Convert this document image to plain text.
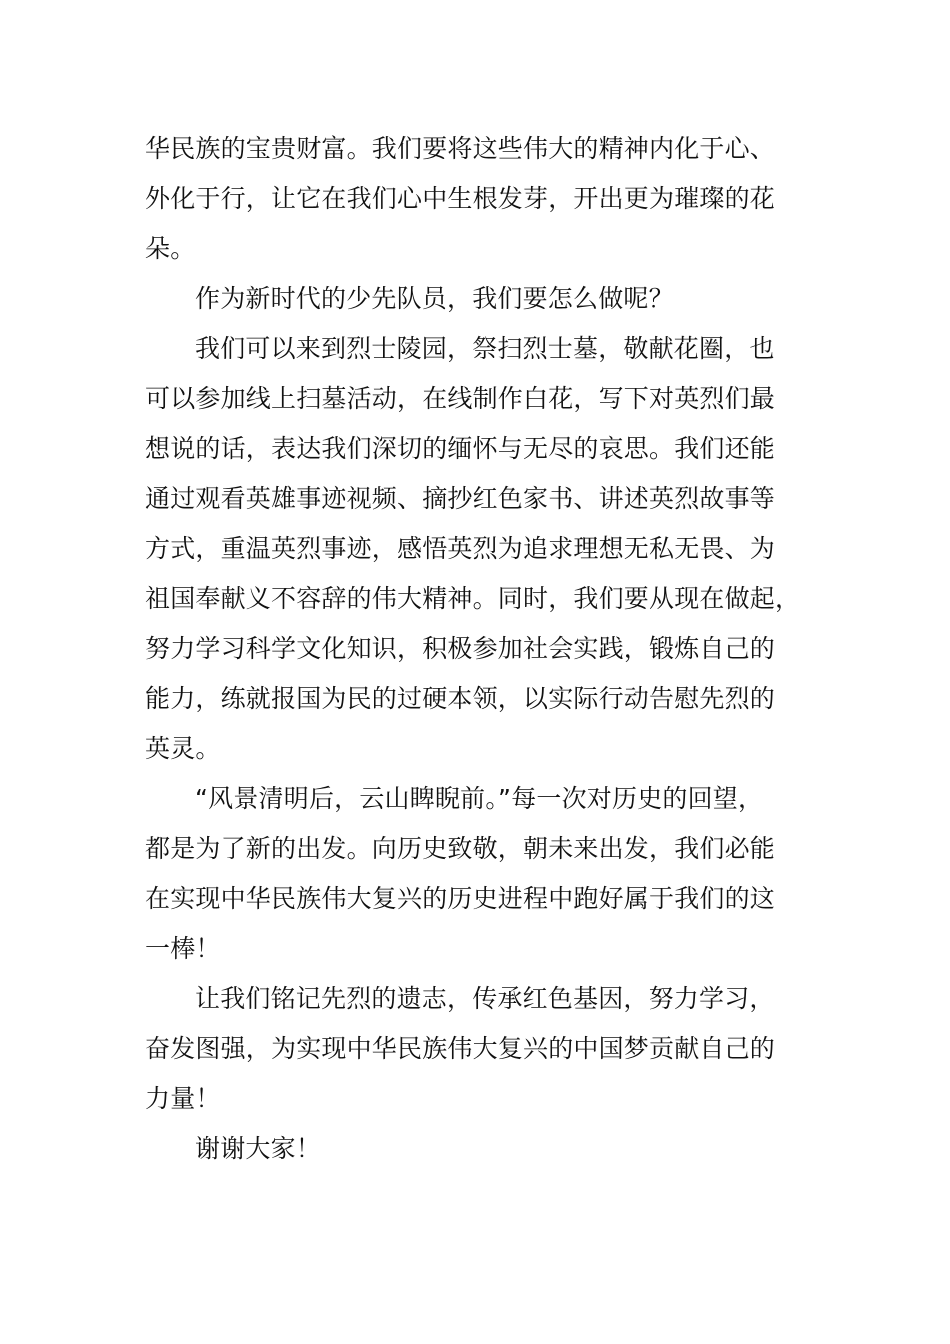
华民族的宝贵财富。我们要将这些伟大的精神内化于心、
外化于行，让它在我们心中生根发芽，开出更为璀璨的花
朵。
作为新时代的少先队员，我们要怎么做呢？
我们可以来到烈士陵园，祭扫烈士墓，敬献花圈，也
可以参加线上扫墓活动，在线制作白花，写下对英烈们最
想说的话，表达我们深切的缅怀与无尽的哀思。我们还能
通过观看英雄事迹视频、摘抄红色家书、讲述英烈故事等
方式，重温英烈事迹，感悟英烈为追求理想无私无畏、为
祖国奉献义不容辞的伟大精神。同时，我们要从现在做起，
努力学习科学文化知识，积极参加社会实践，锻炼自己的
能力，练就报国为民的过硬本领，以实际行动告慰先烈的
英灵。
“风景清明后，云山睥睨前。”每一次对历史的回望，
都是为了新的出发。向历史致敬，朝未来出发，我们必能
在实现中华民族伟大复兴的历史进程中跑好属于我们的这
一棒！
让我们铭记先烈的遗志，传承红色基因，努力学习，
奋发图强，为实现中华民族伟大复兴的中国梦贡献自己的
力量！
谢谢大家！
